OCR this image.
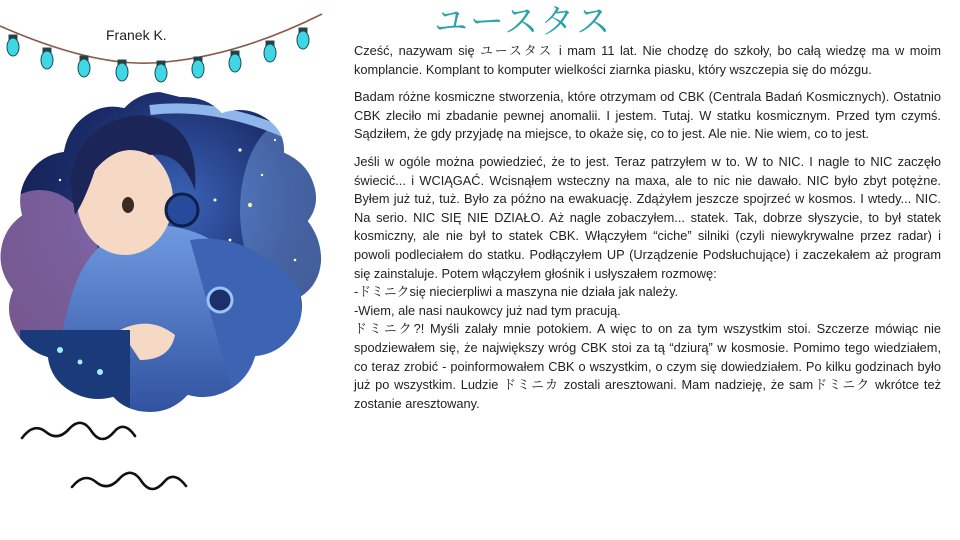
Franek K.	ユースタス

Cześć, nazywam się ユースタス i mam 11 lat. Nie chodzę do szkoły, bo całą wiedzę ma w moim komplancie. Komplant to komputer wielkości ziarnka piasku, który wszczepia się do mózgu.

Badam różne kosmiczne stworzenia, które otrzymam od CBK (Centrala Badań Kosmicznych). Ostatnio CBK zleciło mi zbadanie pewnej anomalii. I jestem. Tutaj. W statku kosmicznym. Przed tym czymś. Sądziłem, że gdy przyjadę na miejsce, to okaże się, co to jest. Ale nie. Nie wiem, co to jest.

Jeśli w ogóle można powiedzieć, że to jest. Teraz patrzyłem w to. W to NIC. I nagle to NIC zaczęło świecić... i WCIĄGAĆ. Wcisnąłem wsteczny na maxa, ale to nic nie dawało. NIC było zbyt potężne. Byłem już tuż, tuż. Było za późno na ewakuację. Zdążyłem jeszcze spojrzeć w kosmos. I wtedy... NIC. Na serio. NIC SIĘ NIE DZIAŁO. Aż nagle zobaczyłem... statek. Tak, dobrze słyszycie, to był statek kosmiczny, ale nie był to statek CBK. Włączyłem “ciche” silniki (czyli niewykrywalne przez radar) i powoli podleciałem do statku. Podłączyłem UP (Urządzenie Podsłuchujące) i zaczekałem aż program się zainstaluje. Potem włączyłem głośnik i usłyszałem rozmowę:
-ドミニクsię niecierpliwi a maszyna nie działa jak należy.
-Wiem, ale nasi naukowcy już nad tym pracują.
ドミニク?! Myśli zalały mnie potokiem. A więc to on za tym wszystkim stoi. Szczerze mówiąc nie spodziewałem się, że największy wróg CBK stoi za tą “dziurą” w kosmosie. Pomimo tego wiedziałem, co teraz zrobić - poinformowałem CBK o wszystkim, o czym się dowiedziałem. Po kilku godzinach było już po wszystkim. Ludzie ドミニカ zostali aresztowani. Mam nadzieję, że samドミニク wkrótce też zostanie aresztowany.
